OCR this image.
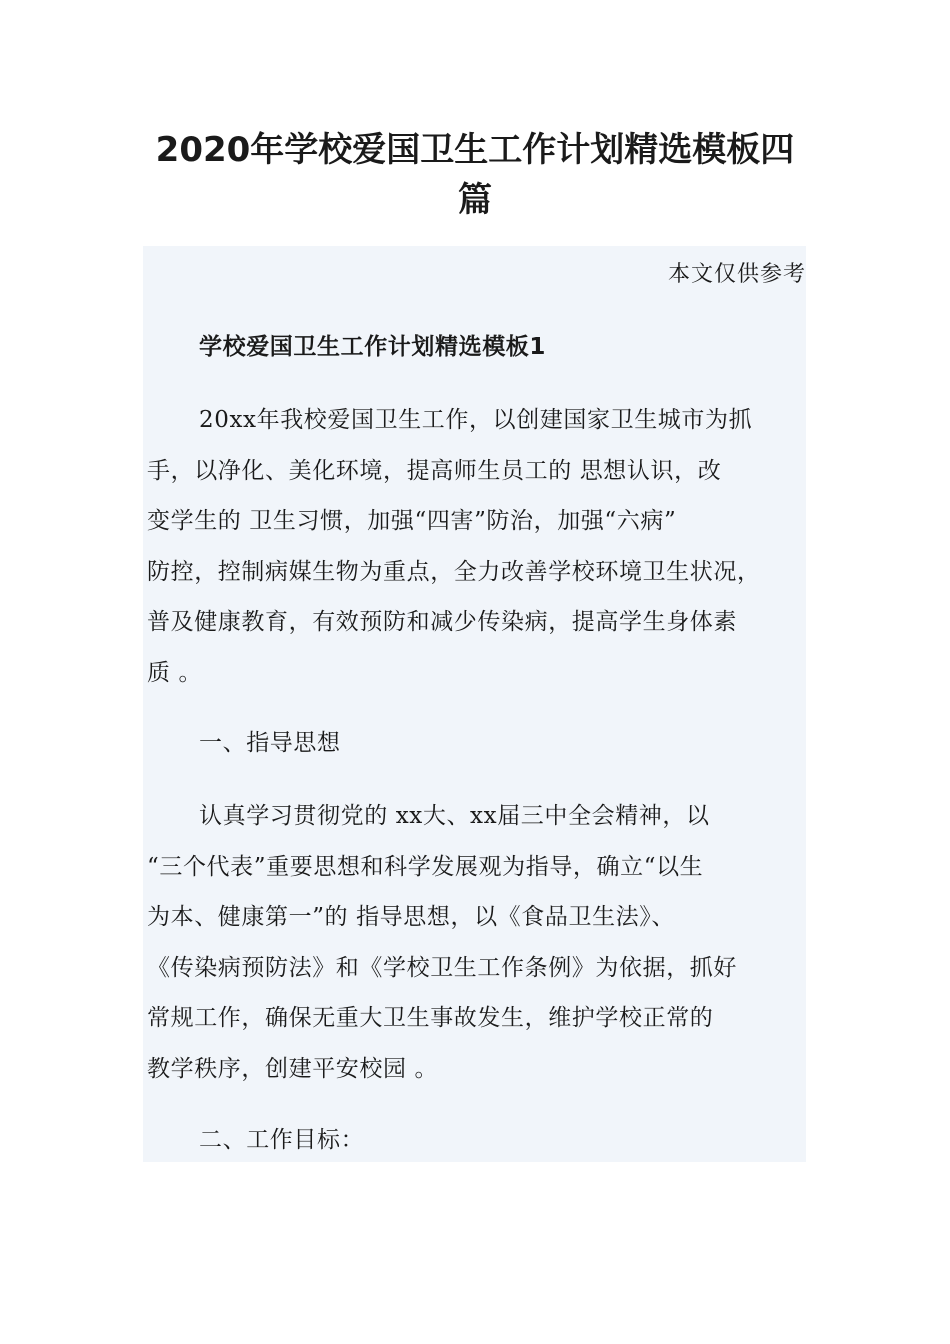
2020年学校爱国卫生工作计划精选模板四
篇
本文仅供参考
学校爱国卫生工作计划精选模板1
20xx年我校爱国卫生工作，以创建国家卫生城市为抓
手，以净化、美化环境，提高师生员工的 思想认识，改
变学生的 卫生习惯，加强“四害”防治，加强“六病”
防控，控制病媒生物为重点，全力改善学校环境卫生状况，
普及健康教育，有效预防和减少传染病，提高学生身体素
质 。
一、指导思想
认真学习贯彻党的 xx大、xx届三中全会精神，以
“三个代表”重要思想和科学发展观为指导，确立“以生
为本、健康第一”的 指导思想，以《食品卫生法》、
《传染病预防法》和《学校卫生工作条例》为依据，抓好
常规工作，确保无重大卫生事故发生，维护学校正常的
教学秩序，创建平安校园 。
二、工作目标：
